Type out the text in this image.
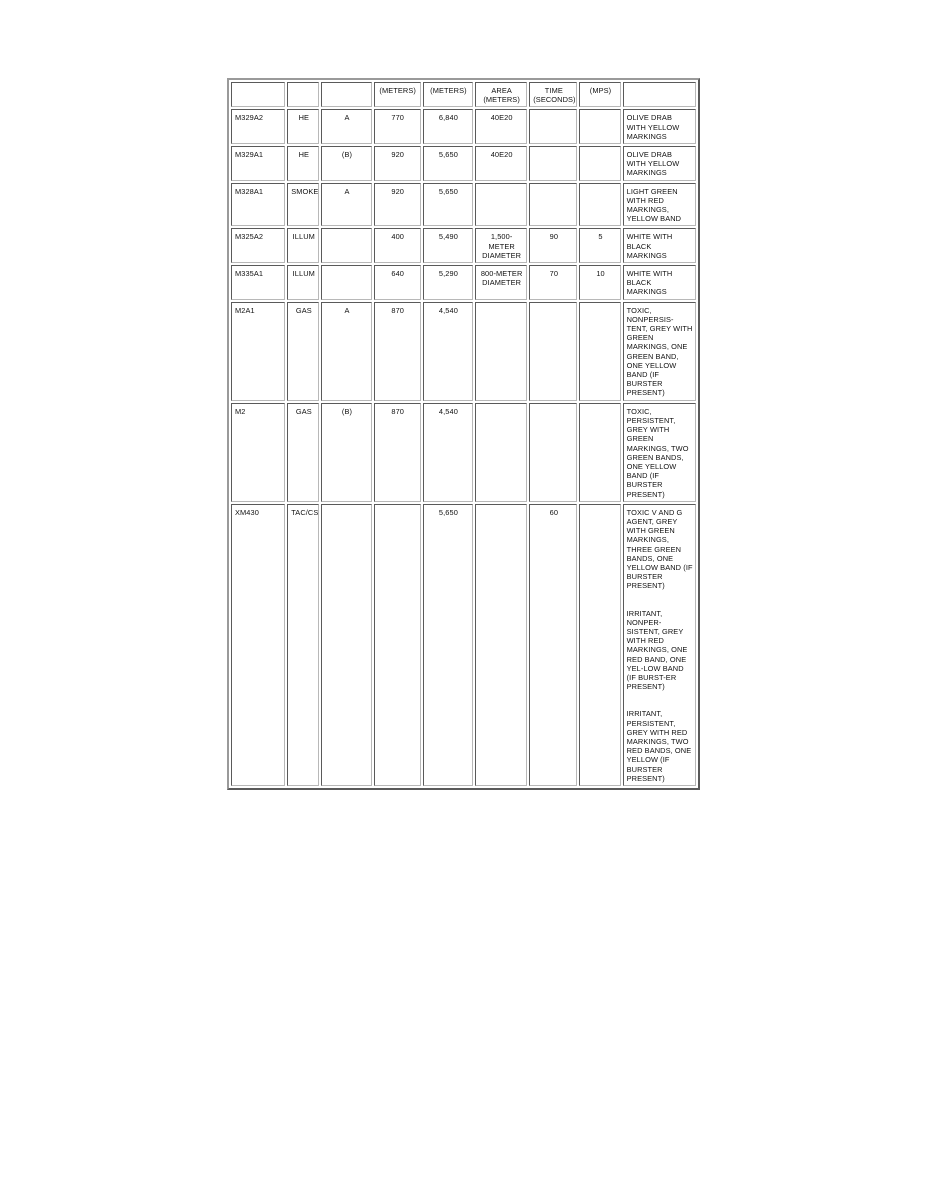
			(METERS)	(METERS)	AREA (METERS)	TIME (SECONDS)	(MPS)	
M329A2	HE	A	770	6,840	40E20			OLIVE DRAB WITH YELLOW MARKINGS

M329A1	HE	(B)	920	5,650	40E20			OLIVE DRAB WITH YELLOW MARKINGS

M328A1	SMOKE	A	920	5,650				LIGHT GREEN WITH RED MARKINGS, YELLOW BAND

M325A2	ILLUM		400	5,490	1,500-METER DIAMETER	90	5	WHITE WITH BLACK MARKINGS

M335A1	ILLUM		640	5,290	800-METER DIAMETER	70	10	WHITE WITH BLACK MARKINGS

M2A1	GAS	A	870	4,540				TOXIC, NONPERSIS-TENT, GREY WITH GREEN MARKINGS, ONE GREEN BAND, ONE YELLOW BAND (IF BURSTER PRESENT)

M2	GAS	(B)	870	4,540				TOXIC, PERSISTENT, GREY WITH GREEN MARKINGS, TWO GREEN BANDS, ONE YELLOW BAND (IF BURSTER PRESENT)

XM430	TAC/CS			5,650		60		TOXIC V AND G AGENT, GREY WITH GREEN MARKINGS, THREE GREEN BANDS, ONE YELLOW BAND (IF BURSTER PRESENT)
IRRITANT, NONPER-SISTENT, GREY WITH RED MARKINGS, ONE RED BAND, ONE YEL-LOW BAND (IF BURST-ER PRESENT)
IRRITANT, PERSISTENT, GREY WITH RED MARKINGS, TWO RED BANDS, ONE YELLOW (IF BURSTER PRESENT)
